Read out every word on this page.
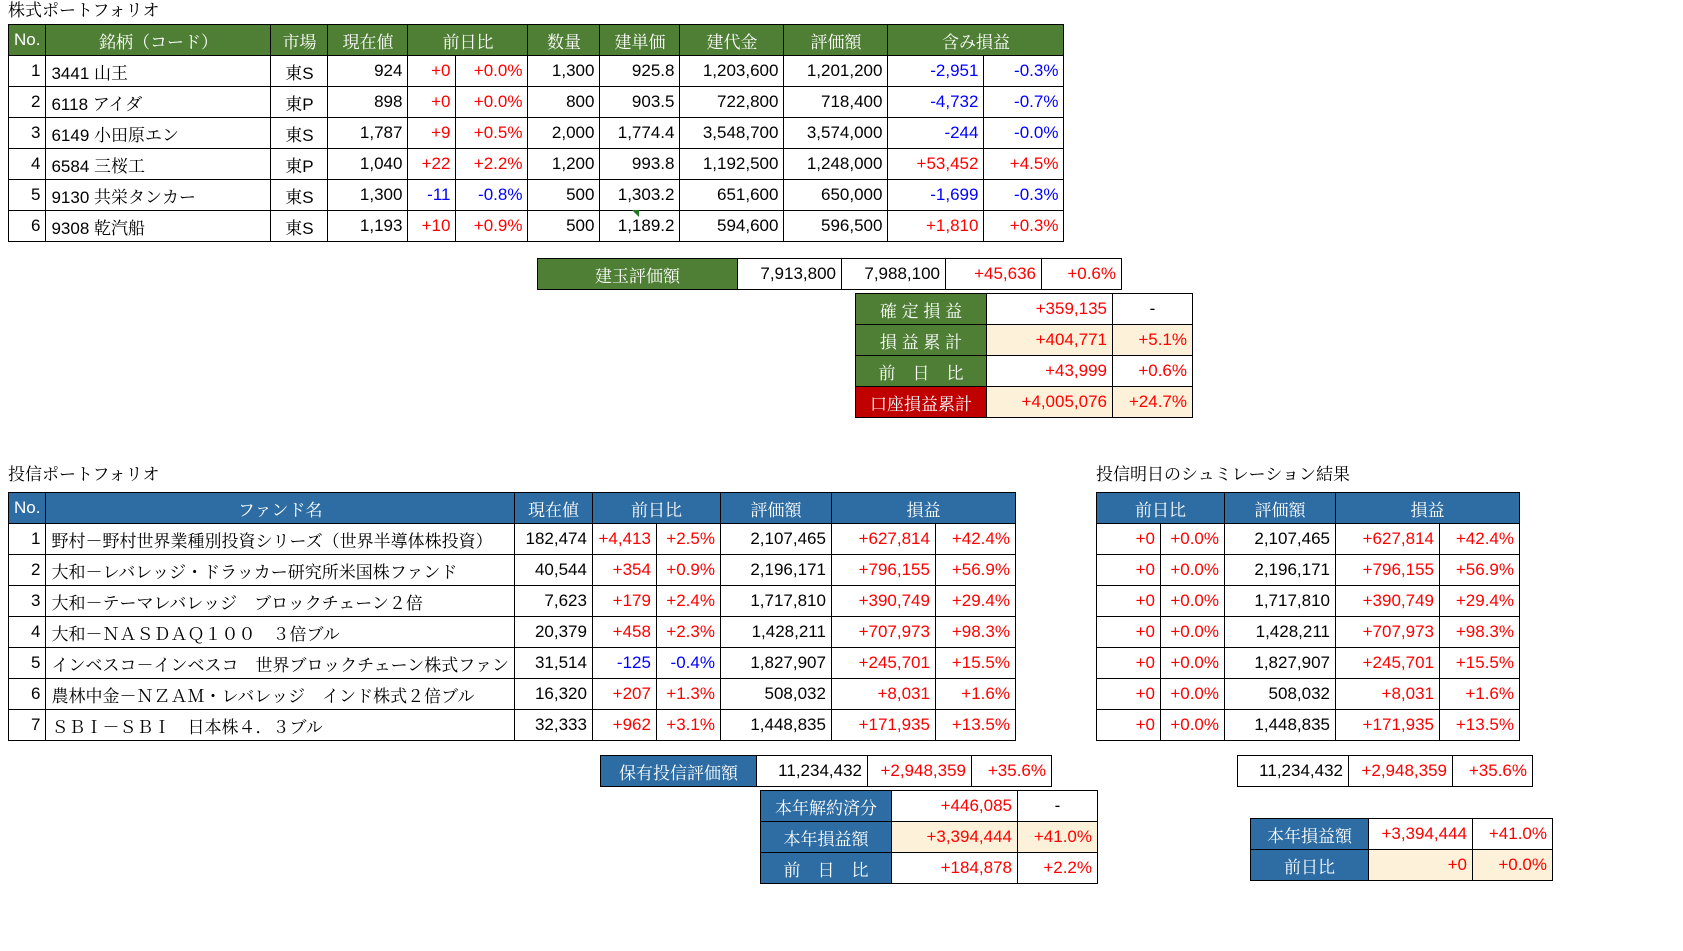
株式ポートフォリオ
No.	銘柄（コード）	市場	現在値	前日比		数量	建単価	建代金	評価額	含み損益	
1	3441 山王	東S	924	+0	+0.0%	1,300	925.8	1,203,600	1,201,200	-2,951	-0.3%
2	6118 アイダ	東P	898	+0	+0.0%	800	903.5	722,800	718,400	-4,732	-0.7%
3	6149 小田原エン	東S	1,787	+9	+0.5%	2,000	1,774.4	3,548,700	3,574,000	-244	-0.0%
4	6584 三桜工	東P	1,040	+22	+2.2%	1,200	993.8	1,192,500	1,248,000	+53,452	+4.5%
5	9130 共栄タンカー	東S	1,300	-11	-0.8%	500	1,303.2	651,600	650,000	-1,699	-0.3%
6	9308 乾汽船	東S	1,193	+10	+0.9%	500	1,189.2	594,600	596,500	+1,810	+0.3%
建玉評価額	7,913,800	7,988,100	+45,636	+0.6%
確 定 損 益	+359,135	-
損 益 累 計	+404,771	+5.1%
前　日　比	+43,999	+0.6%
口座損益累計	+4,005,076	+24.7%
投信ポートフォリオ
No.	ファンド名	現在値	前日比		評価額	損益	
1	野村－野村世界業種別投資シリーズ（世界半導体株投資）	182,474	+4,413	+2.5%	2,107,465	+627,814	+42.4%
2	大和－レバレッジ・ドラッカー研究所米国株ファンド	40,544	+354	+0.9%	2,196,171	+796,155	+56.9%
3	大和－テーマレバレッジ　ブロックチェーン２倍	7,623	+179	+2.4%	1,717,810	+390,749	+29.4%
4	大和－ＮＡＳＤＡＱ１００　３倍ブル	20,379	+458	+2.3%	1,428,211	+707,973	+98.3%
5	インベスコ－インベスコ　世界ブロックチェーン株式ファン	31,514	-125	-0.4%	1,827,907	+245,701	+15.5%
6	農林中金－ＮＺＡＭ・レバレッジ　インド株式２倍ブル	16,320	+207	+1.3%	508,032	+8,031	+1.6%
7	ＳＢＩ－ＳＢＩ　日本株４．３ブル	32,333	+962	+3.1%	1,448,835	+171,935	+13.5%
保有投信評価額	11,234,432	+2,948,359	+35.6%
本年解約済分	+446,085	-
本年損益額	+3,394,444	+41.0%
前　日　比	+184,878	+2.2%
投信明日のシュミレーション結果
前日比		評価額	損益	
+0	+0.0%	2,107,465	+627,814	+42.4%
+0	+0.0%	2,196,171	+796,155	+56.9%
+0	+0.0%	1,717,810	+390,749	+29.4%
+0	+0.0%	1,428,211	+707,973	+98.3%
+0	+0.0%	1,827,907	+245,701	+15.5%
+0	+0.0%	508,032	+8,031	+1.6%
+0	+0.0%	1,448,835	+171,935	+13.5%
11,234,432	+2,948,359	+35.6%
本年損益額	+3,394,444	+41.0%
前日比	+0	+0.0%
